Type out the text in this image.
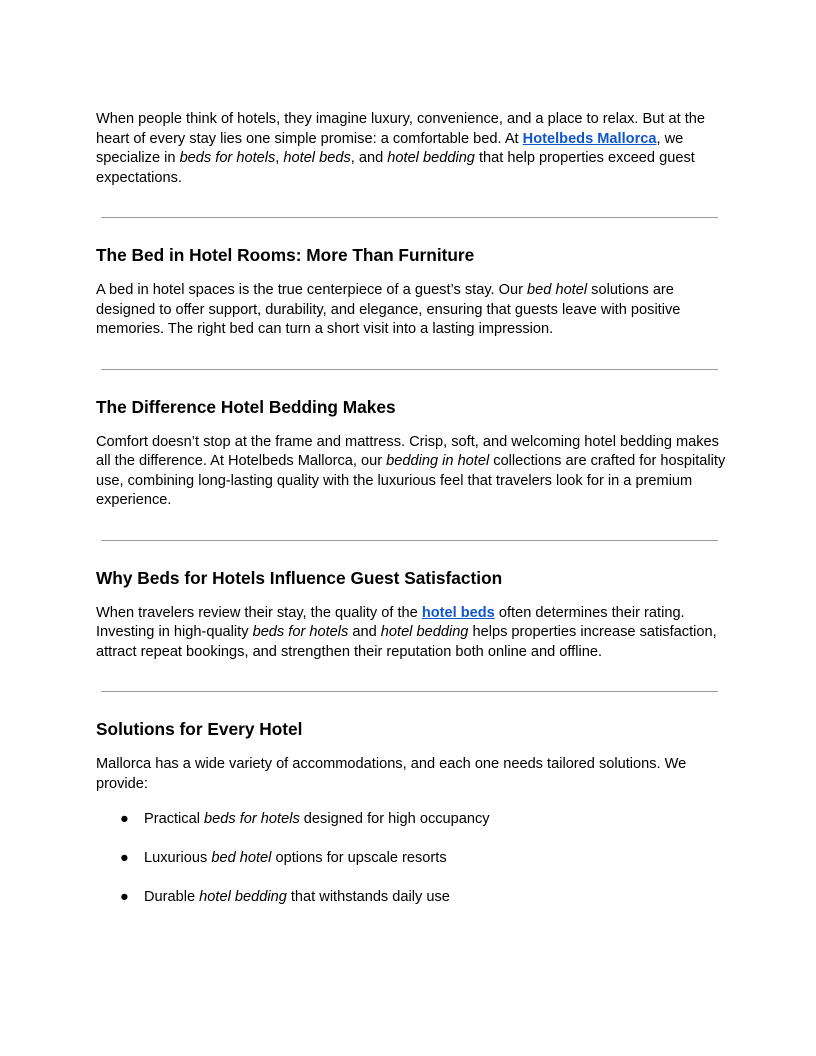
When people think of hotels, they imagine luxury, convenience, and a place to relax. But at the heart of every stay lies one simple promise: a comfortable bed. At Hotelbeds Mallorca, we specialize in beds for hotels, hotel beds, and hotel bedding that help properties exceed guest expectations.

The Bed in Hotel Rooms: More Than Furniture

A bed in hotel spaces is the true centerpiece of a guest’s stay. Our bed hotel solutions are designed to offer support, durability, and elegance, ensuring that guests leave with positive memories. The right bed can turn a short visit into a lasting impression.

The Difference Hotel Bedding Makes

Comfort doesn’t stop at the frame and mattress. Crisp, soft, and welcoming hotel bedding makes all the difference. At Hotelbeds Mallorca, our bedding in hotel collections are crafted for hospitality use, combining long-lasting quality with the luxurious feel that travelers look for in a premium experience.

Why Beds for Hotels Influence Guest Satisfaction

When travelers review their stay, the quality of the hotel beds often determines their rating. Investing in high-quality beds for hotels and hotel bedding helps properties increase satisfaction, attract repeat bookings, and strengthen their reputation both online and offline.

Solutions for Every Hotel

Mallorca has a wide variety of accommodations, and each one needs tailored solutions. We provide:

● Practical beds for hotels designed for high occupancy
● Luxurious bed hotel options for upscale resorts
● Durable hotel bedding that withstands daily use
